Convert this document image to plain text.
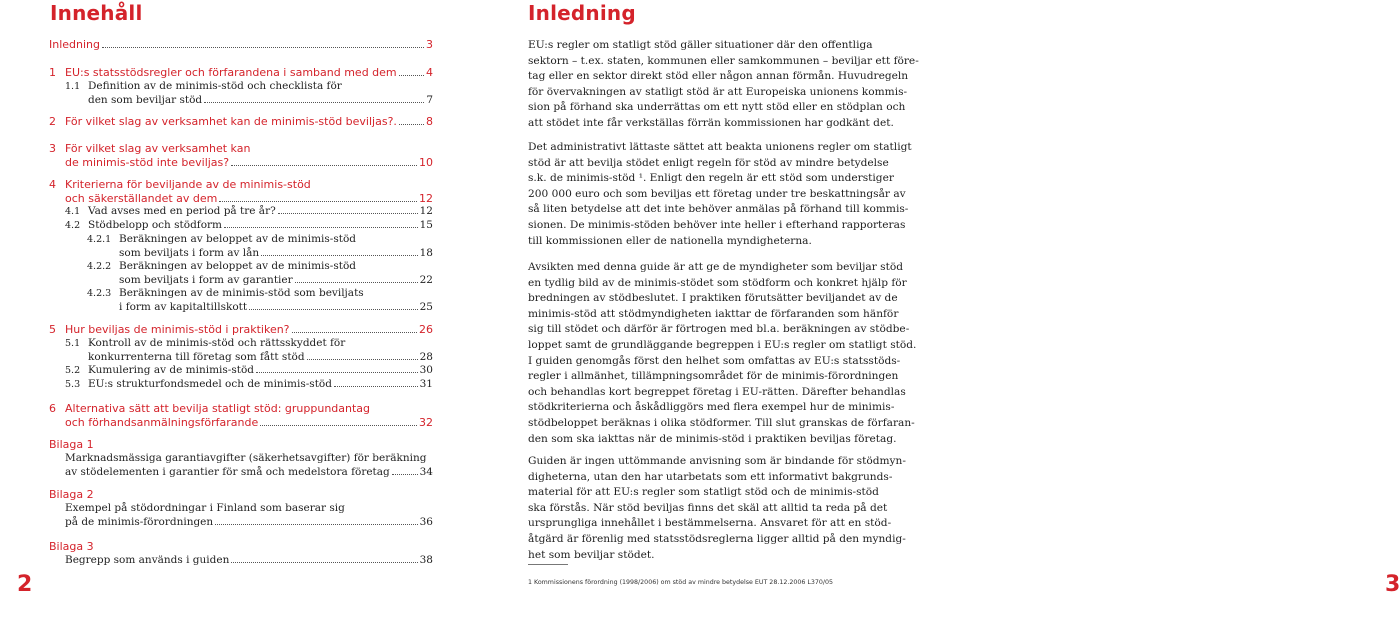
Innehåll
Inledning	3
1 EU:s statsstödsregler och förfarandena i samband med dem	4
1.1 Definition av de minimis-stöd och checklista för
den som beviljar stöd	7
2 För vilket slag av verksamhet kan de minimis-stöd beviljas?.	8
3 För vilket slag av verksamhet kan
de minimis-stöd inte beviljas?	10
4 Kriterierna för beviljande av de minimis-stöd
och säkerställandet av dem	12
4.1 Vad avses med en period på tre år?	12
4.2 Stödbelopp och stödform	15
4.2.1 Beräkningen av beloppet av de minimis-stöd
som beviljats i form av lån	18
4.2.2 Beräkningen av beloppet av de minimis-stöd
som beviljats i form av garantier	22
4.2.3 Beräkningen av de minimis-stöd som beviljats
i form av kapitaltillskott	25
5 Hur beviljas de minimis-stöd i praktiken?	26
5.1 Kontroll av de minimis-stöd och rättsskyddet för
konkurrenterna till företag som fått stöd	28
5.2 Kumulering av de minimis-stöd	30
5.3 EU:s strukturfondsmedel och de minimis-stöd	31
6 Alternativa sätt att bevilja statligt stöd: gruppundantag
och förhandsanmälningsförfarande	32
Bilaga 1
Marknadsmässiga garantiavgifter (säkerhetsavgifter) för beräkning
av stödelementen i garantier för små och medelstora företag	34
Bilaga 2
Exempel på stödordningar i Finland som baserar sig
på de minimis-förordningen	36
Bilaga 3
Begrepp som används i guiden	38
2
Inledning
EU:s regler om statligt stöd gäller situationer där den offentliga
sektorn – t.ex. staten, kommunen eller samkommunen – beviljar ett före-
tag eller en sektor direkt stöd eller någon annan förmån. Huvudregeln
för övervakningen av statligt stöd är att Europeiska unionens kommis-
sion på förhand ska underrättas om ett nytt stöd eller en stödplan och
att stödet inte får verkställas förrän kommissionen har godkänt det.
Det administrativt lättaste sättet att beakta unionens regler om statligt
stöd är att bevilja stödet enligt regeln för stöd av mindre betydelse
s.k. de minimis-stöd ¹. Enligt den regeln är ett stöd som understiger
200 000 euro och som beviljas ett företag under tre beskattningsår av
så liten betydelse att det inte behöver anmälas på förhand till kommis-
sionen. De minimis-stöden behöver inte heller i efterhand rapporteras
till kommissionen eller de nationella myndigheterna.
Avsikten med denna guide är att ge de myndigheter som beviljar stöd
en tydlig bild av de minimis-stödet som stödform och konkret hjälp för
bredningen av stödbeslutet. I praktiken förutsätter beviljandet av de
minimis-stöd att stödmyndigheten iakttar de förfaranden som hänför
sig till stödet och därför är förtrogen med bl.a. beräkningen av stödbe-
loppet samt de grundläggande begreppen i EU:s regler om statligt stöd.
I guiden genomgås först den helhet som omfattas av EU:s statsstöds-
regler i allmänhet, tillämpningsområdet för de minimis-förordningen
och behandlas kort begreppet företag i EU-rätten. Därefter behandlas
stödkriterierna och åskådliggörs med flera exempel hur de minimis-
stödbeloppet beräknas i olika stödformer. Till slut granskas de förfaran-
den som ska iakttas när de minimis-stöd i praktiken beviljas företag.
Guiden är ingen uttömmande anvisning som är bindande för stödmyn-
digheterna, utan den har utarbetats som ett informativt bakgrunds-
material för att EU:s regler som statligt stöd och de minimis-stöd
ska förstås. När stöd beviljas finns det skäl att alltid ta reda på det
ursprungliga innehållet i bestämmelserna. Ansvaret för att en stöd-
åtgärd är förenlig med statsstödsreglerna ligger alltid på den myndig-
het som beviljar stödet.
1 Kommissionens förordning (1998/2006) om stöd av mindre betydelse EUT 28.12.2006 L370/05	3
